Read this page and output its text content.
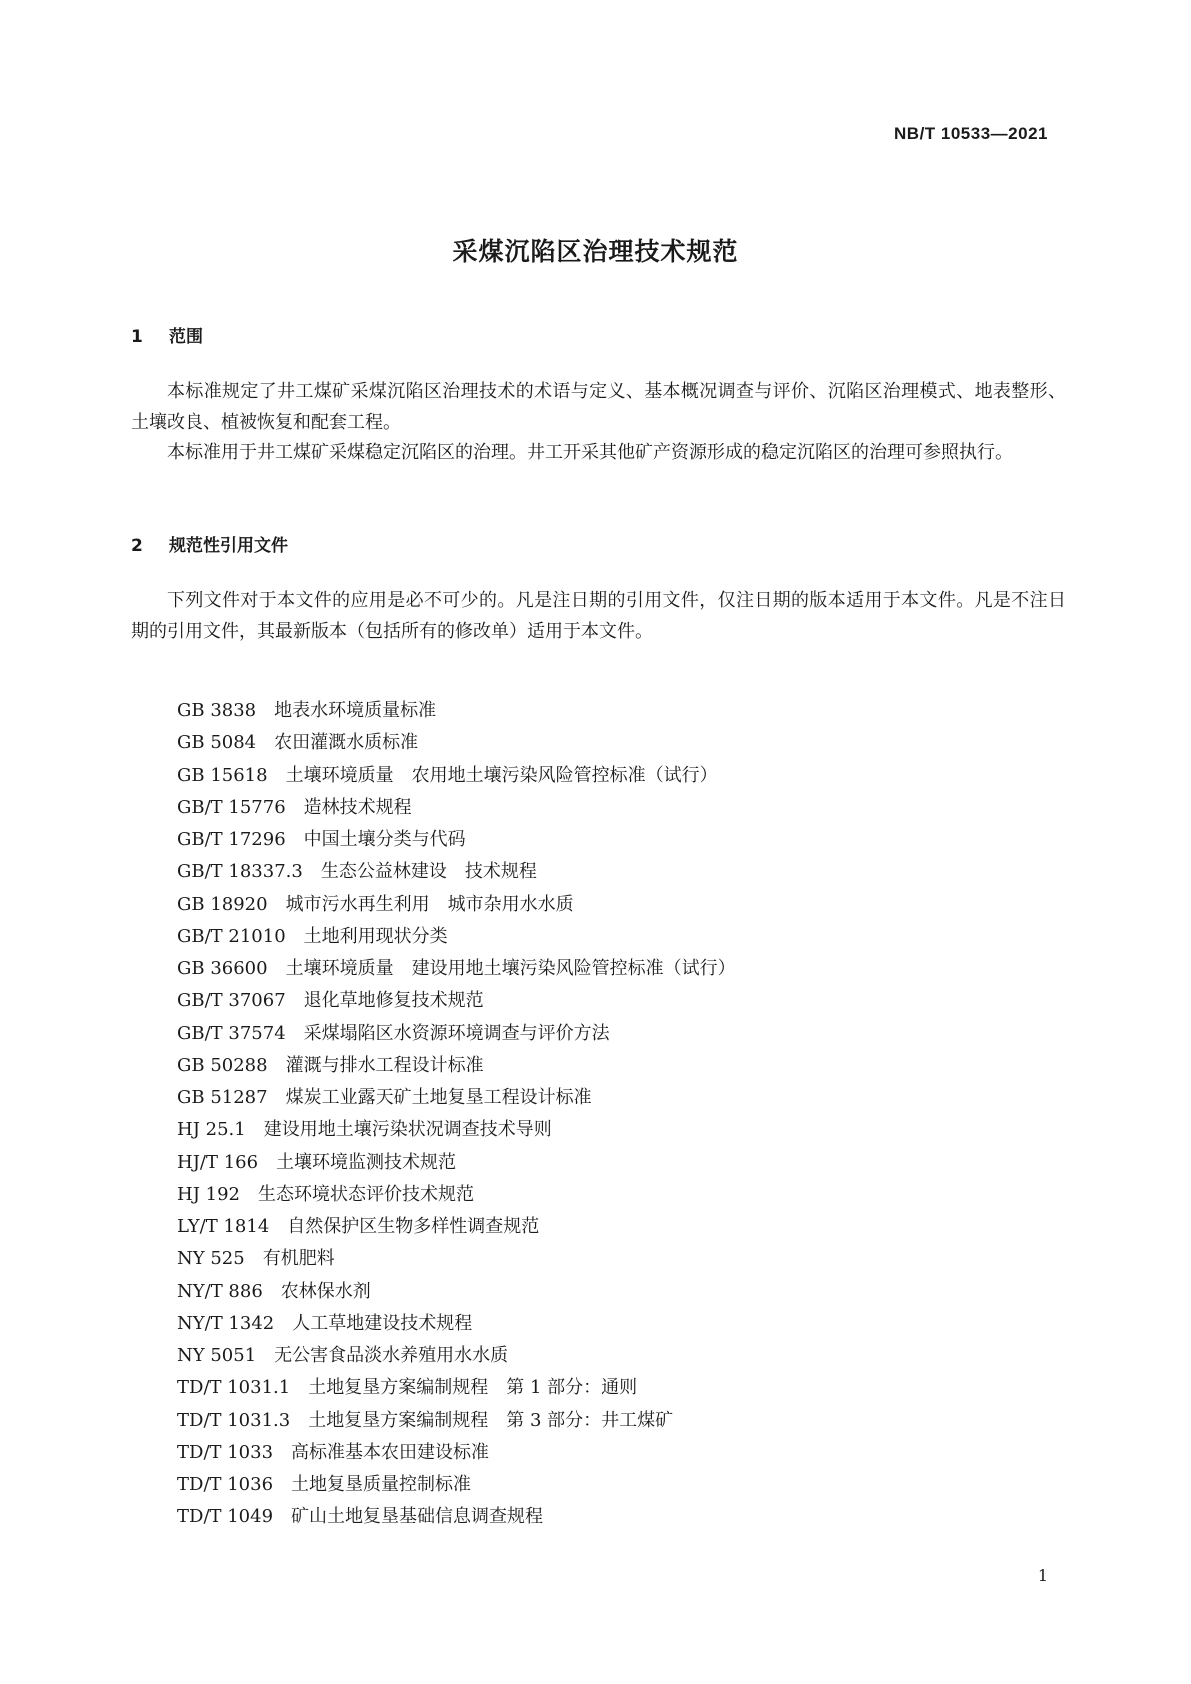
NB/T 10533—2021
采煤沉陷区治理技术规范
1 范围
本标准规定了井工煤矿采煤沉陷区治理技术的术语与定义、基本概况调查与评价、沉陷区治理模式、地表整形、土壤改良、植被恢复和配套工程。
本标准用于井工煤矿采煤稳定沉陷区的治理。井工开采其他矿产资源形成的稳定沉陷区的治理可参照执行。
2 规范性引用文件
下列文件对于本文件的应用是必不可少的。凡是注日期的引用文件，仅注日期的版本适用于本文件。凡是不注日期的引用文件，其最新版本（包括所有的修改单）适用于本文件。
GB 3838 地表水环境质量标准
GB 5084 农田灌溉水质标准
GB 15618 土壤环境质量　农用地土壤污染风险管控标准（试行）
GB/T 15776 造林技术规程
GB/T 17296 中国土壤分类与代码
GB/T 18337.3 生态公益林建设　技术规程
GB 18920 城市污水再生利用　城市杂用水水质
GB/T 21010 土地利用现状分类
GB 36600 土壤环境质量　建设用地土壤污染风险管控标准（试行）
GB/T 37067 退化草地修复技术规范
GB/T 37574 采煤塌陷区水资源环境调查与评价方法
GB 50288 灌溉与排水工程设计标准
GB 51287 煤炭工业露天矿土地复垦工程设计标准
HJ 25.1 建设用地土壤污染状况调查技术导则
HJ/T 166 土壤环境监测技术规范
HJ 192 生态环境状态评价技术规范
LY/T 1814 自然保护区生物多样性调查规范
NY 525 有机肥料
NY/T 886 农林保水剂
NY/T 1342 人工草地建设技术规程
NY 5051 无公害食品淡水养殖用水水质
TD/T 1031.1 土地复垦方案编制规程　第 1 部分：通则
TD/T 1031.3 土地复垦方案编制规程　第 3 部分：井工煤矿
TD/T 1033 高标准基本农田建设标准
TD/T 1036 土地复垦质量控制标准
TD/T 1049 矿山土地复垦基础信息调查规程
1
